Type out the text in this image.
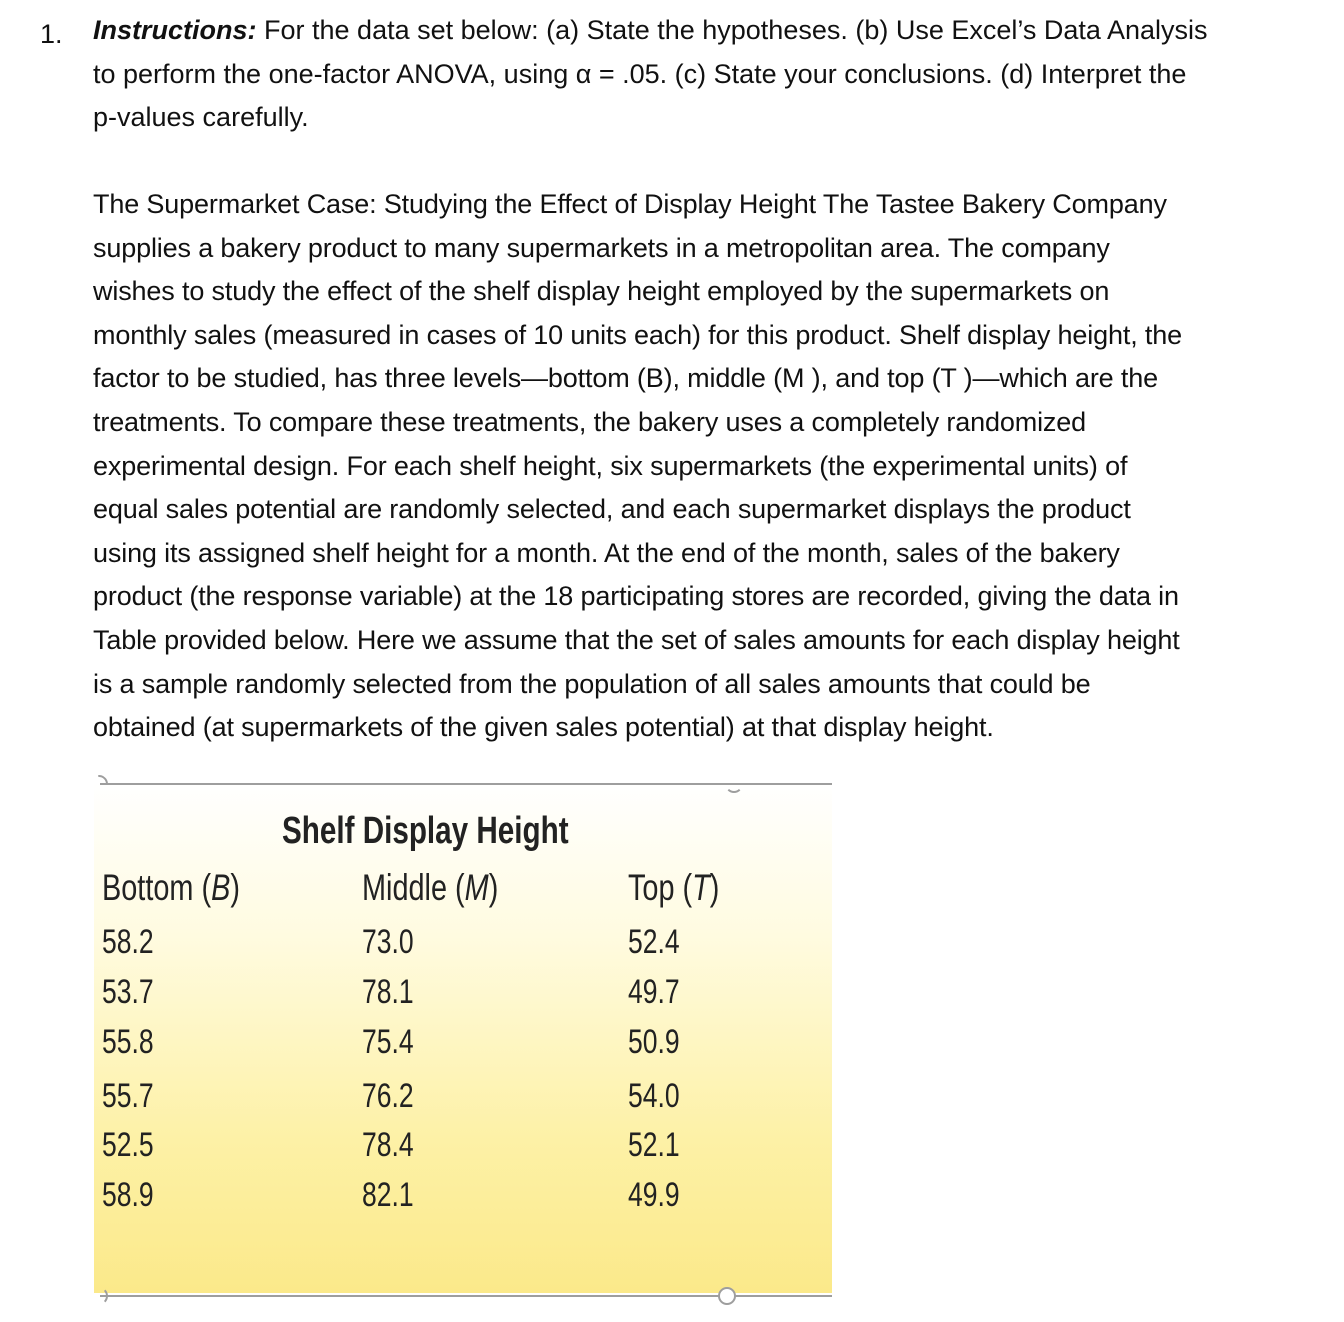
1. Instructions: For the data set below: (a) State the hypotheses. (b) Use Excel’s Data Analysis
to perform the one-factor ANOVA, using α = .05. (c) State your conclusions. (d) Interpret the
p-values carefully.
The Supermarket Case: Studying the Effect of Display Height The Tastee Bakery Company
supplies a bakery product to many supermarkets in a metropolitan area. The company
wishes to study the effect of the shelf display height employed by the supermarkets on
monthly sales (measured in cases of 10 units each) for this product. Shelf display height, the
factor to be studied, has three levels—bottom (B), middle (M ), and top (T )—which are the
treatments. To compare these treatments, the bakery uses a completely randomized
experimental design. For each shelf height, six supermarkets (the experimental units) of
equal sales potential are randomly selected, and each supermarket displays the product
using its assigned shelf height for a month. At the end of the month, sales of the bakery
product (the response variable) at the 18 participating stores are recorded, giving the data in
Table provided below. Here we assume that the set of sales amounts for each display height
is a sample randomly selected from the population of all sales amounts that could be
obtained (at supermarkets of the given sales potential) at that display height.
Shelf Display Height
Bottom (B)	Middle (M)	Top (T)
58.2	73.0	52.4
53.7	78.1	49.7
55.8	75.4	50.9
55.7	76.2	54.0
52.5	78.4	52.1
58.9	82.1	49.9
